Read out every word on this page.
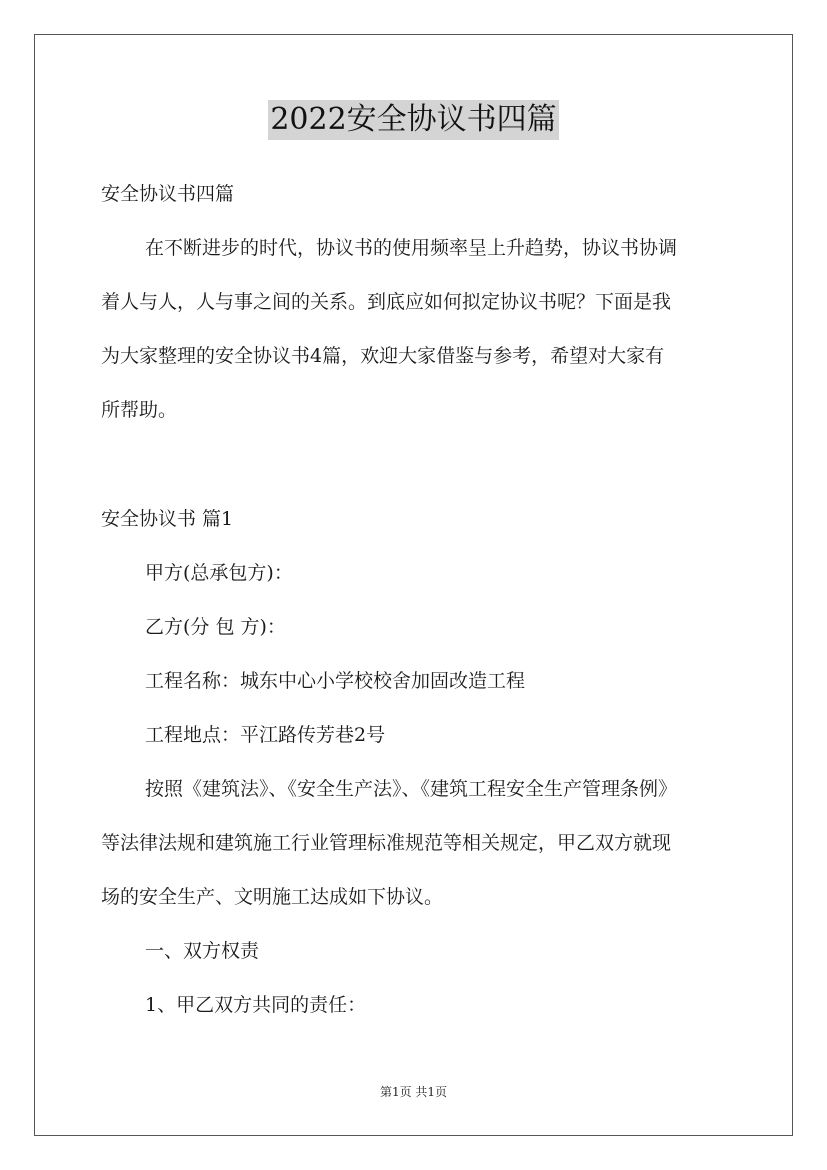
2022安全协议书四篇
安全协议书四篇
在不断进步的时代，协议书的使用频率呈上升趋势，协议书协调
着人与人，人与事之间的关系。到底应如何拟定协议书呢？下面是我
为大家整理的安全协议书4篇，欢迎大家借鉴与参考，希望对大家有
所帮助。
安全协议书 篇1
甲方(总承包方)：
乙方(分 包 方)：
工程名称：城东中心小学校校舍加固改造工程
工程地点：平江路传芳巷2号
按照《建筑法》、《安全生产法》、《建筑工程安全生产管理条例》
等法律法规和建筑施工行业管理标准规范等相关规定，甲乙双方就现
场的安全生产、文明施工达成如下协议。
一、双方权责
1、甲乙双方共同的责任：
第1页 共1页
